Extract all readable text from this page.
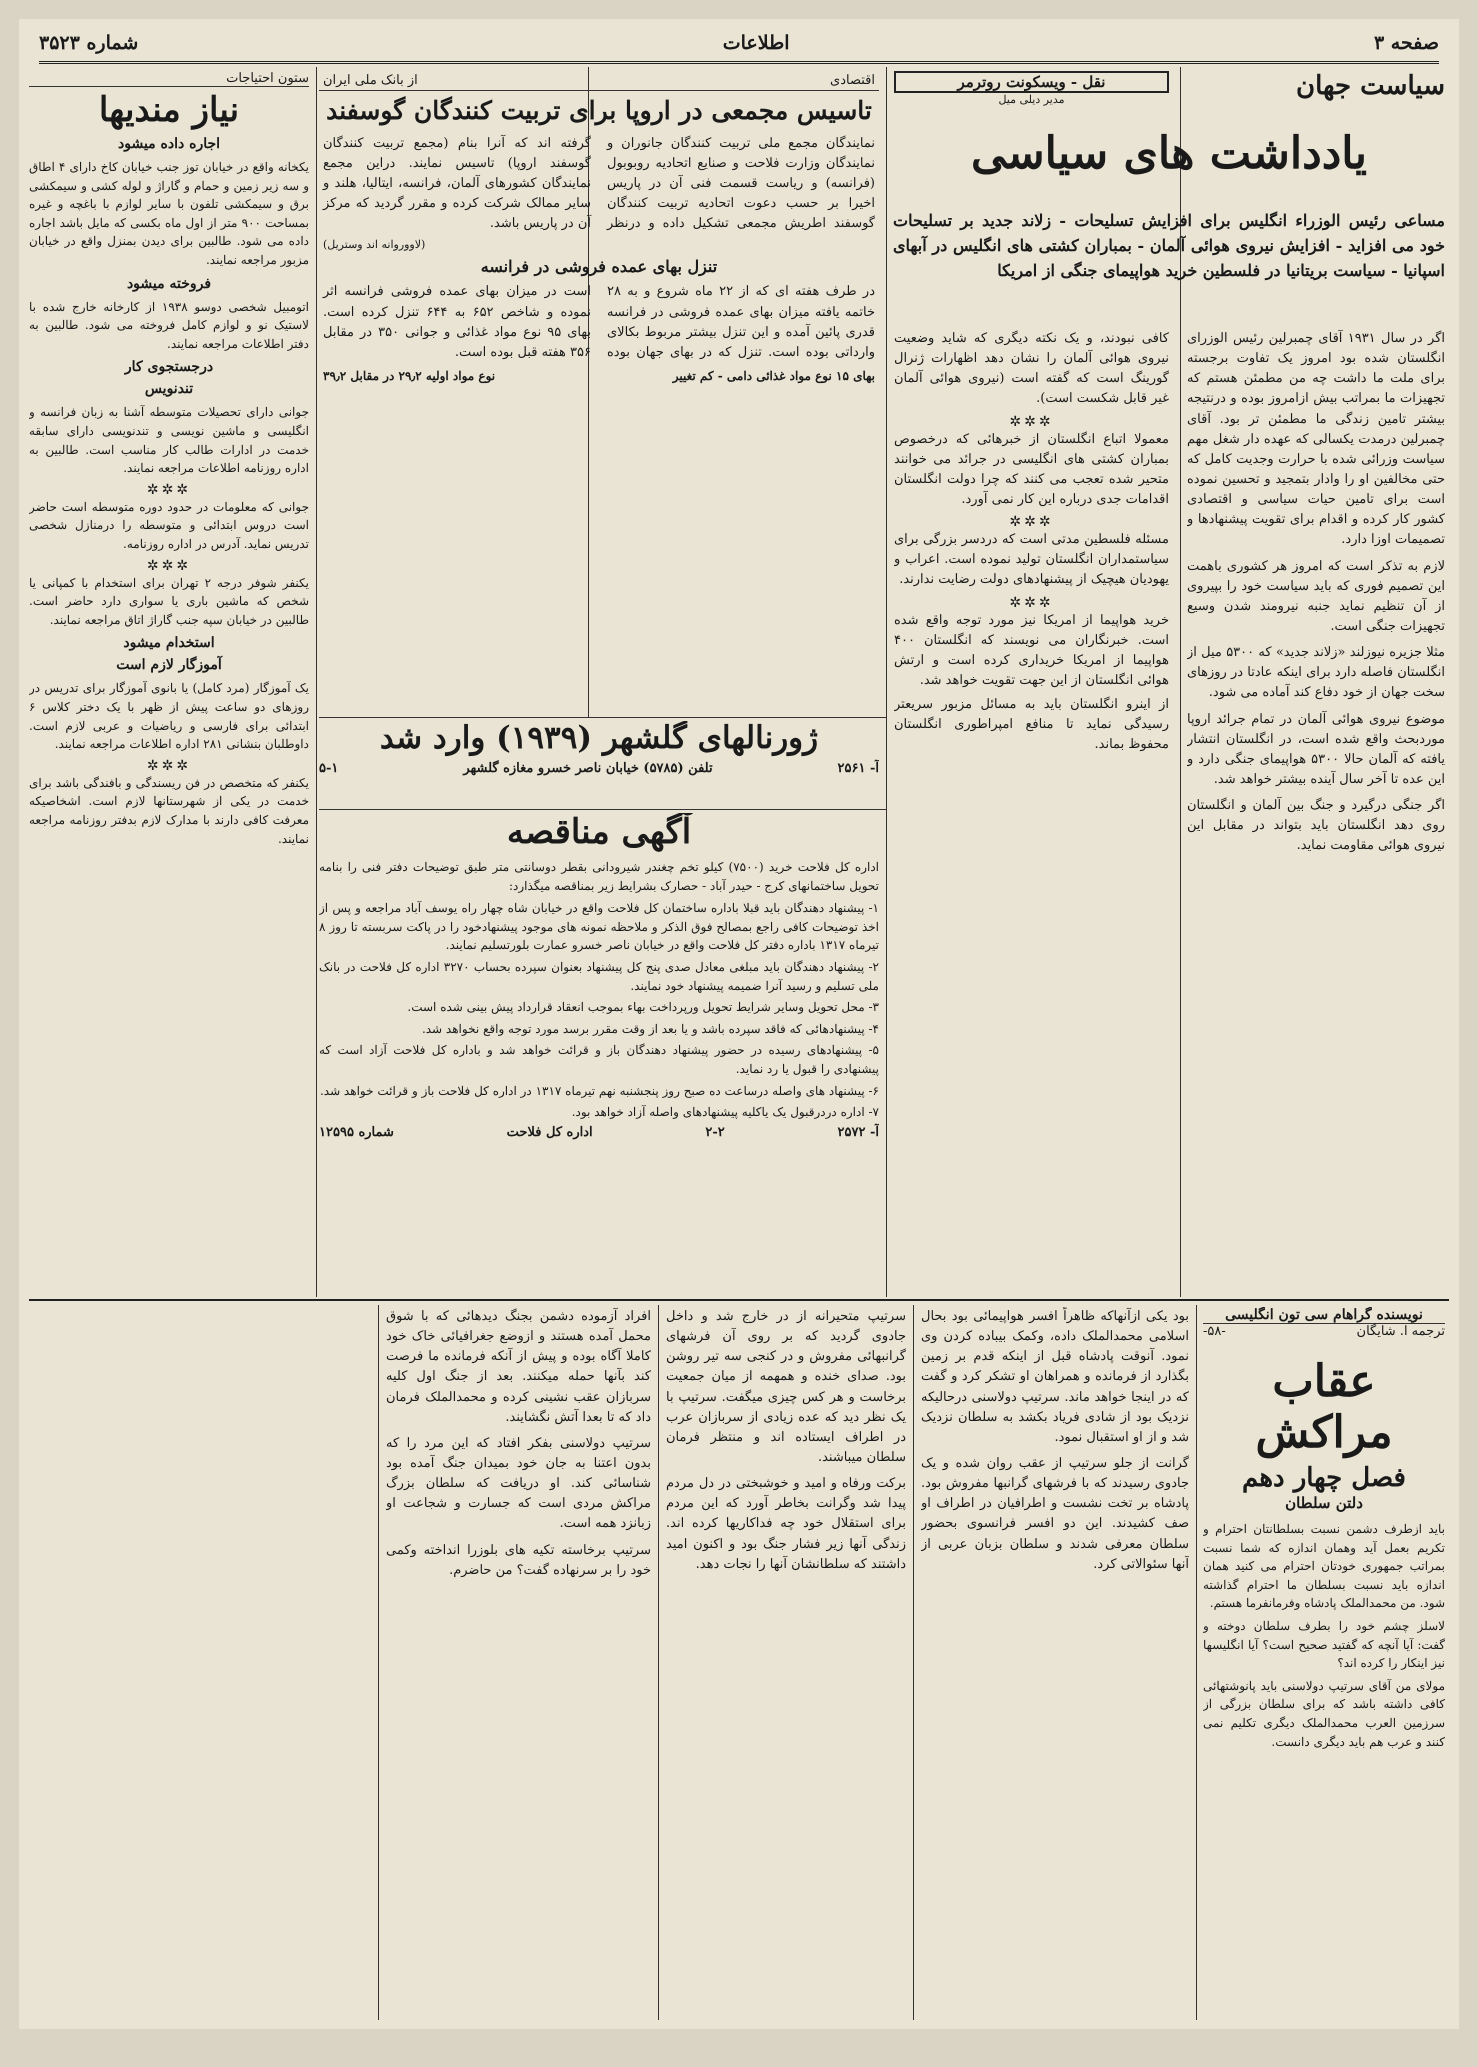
صفحه ۳
اطلاعات
شماره ۳۵۲۳
سیاست جهان
نقل - ویسکونت روترمر
مدیر دیلی میل
یادداشت های سیاسی
مساعی رئیس الوزراء انگلیس برای افزایش تسلیحات - زلاند جدید بر تسلیحات خود می افزاید - افزایش نیروی هوائی آلمان - بمباران کشتی های انگلیس در آبهای اسپانیا - سیاست بریتانیا در فلسطین خرید هواپیمای جنگی از امریکا

اگر در سال ۱۹۳۱ آقای چمبرلین رئیس الوزرای انگلستان شده بود امروز یک تفاوت برجسته برای ملت ما داشت چه من مطمئن هستم که تجهیزات ما بمراتب بیش ازامروز بوده و درنتیجه بیشتر تامین زندگی ما مطمئن تر بود. آقای چمبرلین درمدت یکسالی که عهده دار شغل مهم سیاست وزرائی شده با حرارت وجدیت کامل که حتی مخالفین او را وادار بتمجید و تحسین نموده است برای تامین حیات سیاسی و اقتصادی کشور کار کرده و اقدام برای تقویت پیشنهادها و تصمیمات اوزا دارد.

لازم به تذکر است که امروز هر کشوری باهمت این تصمیم فوری که باید سیاست خود را بپیروی از آن تنظیم نماید جنبه نیرومند شدن وسیع تجهیزات جنگی است.

مثلا جزیره نیوزلند «زلاند جدید» که ۵۳۰۰ میل از انگلستان فاصله دارد برای اینکه عادتا در روزهای سخت جهان از خود دفاع کند آماده می شود.

موضوع نیروی هوائی آلمان در تمام جرائد اروپا موردبحث واقع شده است، در انگلستان انتشار یافته که آلمان حالا ۵۳۰۰ هواپیمای جنگی دارد و این عده تا آخر سال آینده بیشتر خواهد شد.

اگر جنگی درگیرد و جنگ بین آلمان و انگلستان روی دهد انگلستان باید بتواند در مقابل این نیروی هوائی مقاومت نماید.

کافی نبودند، و یک نکته دیگری که شاید وضعیت نیروی هوائی آلمان را نشان دهد اظهارات ژنرال گورینگ است که گفته است (نیروی هوائی آلمان غیر قابل شکست است).

✲✲✲

معمولا اتباع انگلستان از خبرهائی که درخصوص بمباران کشتی های انگلیسی در جرائد می خوانند متحیر شده تعجب می کنند که چرا دولت انگلستان اقدامات جدی درباره این کار نمی آورد.

✲✲✲

مسئله فلسطین مدتی است که دردسر بزرگی برای سیاستمداران انگلستان تولید نموده است. اعراب و یهودیان هیچیک از پیشنهادهای دولت رضایت ندارند.

✲✲✲

خرید هواپیما از امریکا نیز مورد توجه واقع شده است. خبرنگاران می نویسند که انگلستان ۴۰۰ هواپیما از امریکا خریداری کرده است و ارتش هوائی انگلستان از این جهت تقویت خواهد شد.

از اینرو انگلستان باید به مسائل مزبور سریعتر رسیدگی نماید تا منافع امپراطوری انگلستان محفوظ بماند.

اقتصادی
از بانک ملی ایران
تاسیس مجمعی در اروپا برای تربیت کنندگان گوسفند

نمایندگان مجمع ملی تربیت کنندگان جانوران و نمایندگان وزارت فلاحت و صنایع اتحادیه روبوبول (فرانسه) و ریاست قسمت فنی آن در پاریس اخیرا بر حسب دعوت اتحادیه تربیت کنندگان گوسفند اطریش مجمعی تشکیل داده و درنظر گرفته اند که آنرا بنام (مجمع تربیت کنندگان گوسفند اروپا) تاسیس نمایند. دراین مجمع نمایندگان کشورهای آلمان، فرانسه، ایتالیا، هلند و سایر ممالک شرکت کرده و مقرر گردید که مرکز آن در پاریس باشد.

(لاووروانه اند وستریل)
تنزل بهای عمده فروشی در فرانسه

در طرف هفته ای که از ۲۲ ماه شروع و به ۲۸ خاتمه یافته میزان بهای عمده فروشی در فرانسه قدری پائین آمده و این تنزل بیشتر مربوط بکالای وارداتی بوده است. تنزل که در بهای جهان بوده است در میزان بهای عمده فروشی فرانسه اثر نموده و شاخص ۶۵۲ به ۶۴۴ تنزل کرده است. بهای ۹۵ نوع مواد غذائی و جوانی ۳۵۰ در مقابل ۳۵۶ هفته قبل بوده است.

بهای ۱۵ نوع مواد غذائی دامی - کم تغییر
نوع مواد اولیه ۲۹٫۲ در مقابل ۳۹٫۲
ژورنالهای گلشهر (۱۹۳۹) وارد شد
آ- ۲۵۶۱
تلفن (۵۷۸۵) خیابان ناصر خسرو مغازه گلشهر
۵-۱
آگهی مناقصه

اداره کل فلاحت خرید (۷۵۰۰) کیلو تخم چغندر شیرودانی بقطر دوسانتی متر طبق توضیحات دفتر فنی را بنامه تحویل ساختمانهای کرج - حیدر آباد - حصارک بشرایط زیر بمناقصه میگذارد:

۱- پیشنهاد دهندگان باید قبلا باداره ساختمان کل فلاحت واقع در خیابان شاه چهار راه یوسف آباد مراجعه و پس از اخذ توضیحات کافی راجع بمصالح فوق الذکر و ملاحظه نمونه های موجود پیشنهادخود را در پاکت سربسته تا روز ۸ تیرماه ۱۳۱۷ باداره دفتر کل فلاحت واقع در خیابان ناصر خسرو عمارت بلورتسلیم نمایند.

۲- پیشنهاد دهندگان باید مبلغی معادل صدی پنج کل پیشنهاد بعنوان سپرده بحساب ۳۲۷۰ اداره کل فلاحت در بانک ملی تسلیم و رسید آنرا ضمیمه پیشنهاد خود نمایند.

۳- محل تحویل وسایر شرایط تحویل ورپرداخت بهاء بموجب انعقاد قرارداد پیش بینی شده است.

۴- پیشنهادهائی که فاقد سپرده باشد و یا بعد از وقت مقرر برسد مورد توجه واقع نخواهد شد.

۵- پیشنهادهای رسیده در حضور پیشنهاد دهندگان باز و قرائت خواهد شد و باداره کل فلاحت آزاد است که پیشنهادی را قبول یا رد نماید.

۶- پیشنهاد های واصله درساعت ده صبح روز پنجشنبه نهم تیرماه ۱۳۱۷ در اداره کل فلاحت باز و قرائت خواهد شد.

۷- اداره دردرقبول یک یاکلیه پیشنهادهای واصله آزاد خواهد بود.

آ- ۲۵۷۲
۲-۲
اداره کل فلاحت
شماره ۱۲۵۹۵
ستون احتیاجات
نیاز مندیها
اجاره داده میشود

یکخانه واقع در خیابان توز جنب خیابان کاخ دارای ۴ اطاق و سه زیر زمین و حمام و گاراژ و لوله کشی و سیمکشی برق و سیمکشی تلفون با سایر لوازم با باغچه و غیره بمساحت ۹۰۰ متر از اول ماه بکسی که مایل باشد اجاره داده می شود. طالبین برای دیدن بمنزل واقع در خیابان مزبور مراجعه نمایند.

فروخته میشود

اتومبیل شخصی دوسو ۱۹۳۸ از کارخانه خارج شده با لاستیک نو و لوازم کامل فروخته می شود. طالبین به دفتر اطلاعات مراجعه نمایند.

درجستجوی کار
تندنویس

جوانی دارای تحصیلات متوسطه آشنا به زبان فرانسه و انگلیسی و ماشین نویسی و تندنویسی دارای سابقه خدمت در ادارات طالب کار مناسب است. طالبین به اداره روزنامه اطلاعات مراجعه نمایند.

✲✲✲

جوانی که معلومات در حدود دوره متوسطه است حاضر است دروس ابتدائی و متوسطه را درمنازل شخصی تدریس نماید. آدرس در اداره روزنامه.

✲✲✲

یکنفر شوفر درجه ۲ تهران برای استخدام با کمپانی یا شخص که ماشین باری یا سواری دارد حاضر است. طالبین در خیابان سپه جنب گاراژ اتاق مراجعه نمایند.

استخدام میشود
آموزگار لازم است

یک آموزگار (مرد کامل) یا بانوی آموزگار برای تدریس در روزهای دو ساعت پیش از ظهر با یک دختر کلاس ۶ ابتدائی برای فارسی و ریاضیات و عربی لازم است. داوطلبان بنشانی ۲۸۱ اداره اطلاعات مراجعه نمایند.

✲✲✲

یکنفر که متخصص در فن ریسندگی و بافندگی باشد برای خدمت در یکی از شهرستانها لازم است. اشخاصیکه معرفت کافی دارند با مدارک لازم بدفتر روزنامه مراجعه نمایند.

نویسنده گراهام سی تون انگلیسی
ترجمه ا. شایگان
-۵۸-
عقاب مراکش
فصل چهار دهم
دلتن سلطان

باید ازطرف دشمن نسبت بسلطانتان احترام و تکریم بعمل آید وهمان اندازه که شما نسبت بمراتب جمهوری خودتان احترام می کنید همان اندازه باید نسبت بسلطان ما احترام گذاشته شود. من محمدالملک پادشاه وفرمانفرما هستم.

لاسلز چشم خود را بطرف سلطان دوخته و گفت: آیا آنچه که گفتید صحیح است؟ آیا انگلیسها نیز اینکار را کرده اند؟

مولای من آقای سرتیپ دولاسنی باید پانوشتهائی کافی داشته باشد که برای سلطان بزرگی از سرزمین العرب محمدالملک دیگری تکلیم نمی کنند و عرب هم باید دیگری دانست.

بود یکی ازآنهاکه ظاهراً افسر هواپیمائی بود بحال اسلامی محمدالملک داده، وکمک بیباده کردن وی نمود. آنوقت پادشاه قبل از اینکه قدم بر زمین بگذارد از فرمانده و همراهان او تشکر کرد و گفت که در اینجا خواهد ماند. سرتیپ دولاسنی درحالیکه نزدیک بود از شادی فریاد بکشد به سلطان نزدیک شد و از او استقبال نمود.

گرانت از جلو سرتیپ از عقب روان شده و یک جادوی رسیدند که با فرشهای گرانبها مفروش بود. پادشاه بر تخت نشست و اطرافیان در اطراف او صف کشیدند. این دو افسر فرانسوی بحضور سلطان معرفی شدند و سلطان بزبان عربی از آنها سئوالاتی کرد.

سرتیپ متحیرانه از در خارج شد و داخل جادوی گردید که بر روی آن فرشهای گرانبهائی مفروش و در کنجی سه تیر روشن بود. صدای خنده و همهمه از میان جمعیت برخاست و هر کس چیزی میگفت. سرتیپ با یک نظر دید که عده زیادی از سربازان عرب در اطراف ایستاده اند و منتظر فرمان سلطان میباشند.

برکت ورفاه و امید و خوشبختی در دل مردم پیدا شد وگرانت بخاطر آورد که این مردم برای استقلال خود چه فداکاریها کرده اند. زندگی آنها زیر فشار جنگ بود و اکنون امید داشتند که سلطانشان آنها را نجات دهد.

افراد آزموده دشمن بجنگ دیدهائی که با شوق محمل آمده هستند و ازوضع جغرافیائی خاک خود کاملا آگاه بوده و پیش از آنکه فرمانده ما فرصت کند بآنها حمله میکنند. بعد از جنگ اول کلیه سربازان عقب نشینی کرده و محمدالملک فرمان داد که تا بعدا آتش نگشایند.

سرتیپ دولاسنی بفکر افتاد که این مرد را که بدون اعتنا به جان خود بمیدان جنگ آمده بود شناسائی کند. او دریافت که سلطان بزرگ مراکش مردی است که جسارت و شجاعت او زبانزد همه است.

سرتیپ برخاسته تکیه های بلوزرا انداخته وکمی خود را بر سرنهاده گفت؟ من حاضرم.
